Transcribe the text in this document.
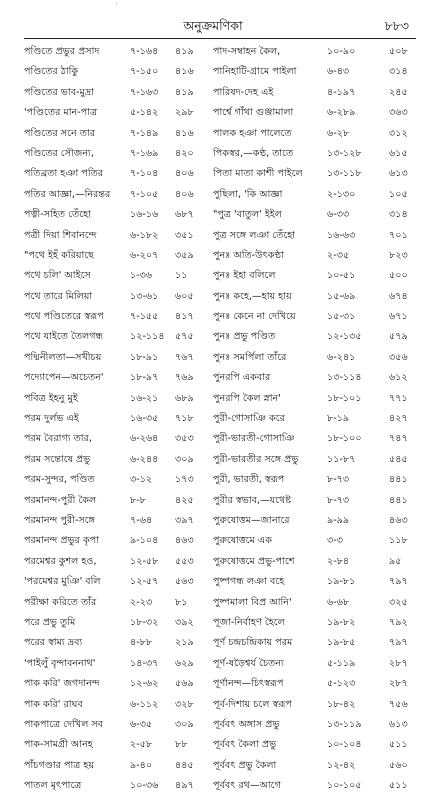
'
অনুক্রমণিকা	৮৮৩
পণ্ডিতে প্রভুর প্রসাদ	৭-১৬৪	৪১৯
পণ্ডিতের ঠাকুি	৭-১৫০	৪১৬
পণ্ডিতের ভাব-মুদ্রা	৭-১৬৩	৪১৯
'পণ্ডিতের মান-পাত্র	৫-১৪২	২৯৮
পণ্ডিতের সনে তার	৭-১৪৯	৪১৬
পণ্ডিতের সৌজন্য,	৭-১৬৯	৪২০
পতিব্রতা হঞা পতির	৭-১০৪	৪০৬
পতির আজ্ঞা,—নিরন্তর	৭-১০৫	৪০৬
পত্নী-সহিত তেঁহো	১৬-১৬	৬৮৭
পত্রী দিয়া শিবানন্দে	৬-১৮২	৩৫১
"পথে ইহঁ করিয়াছে	৬-২০৭	৩৫৯
পথে চলি' আইসে	১-৩৬	১১
পথে তারে মিলিয়া	১৩-৬১	৬০৫
পথে পণ্ডিতেরে স্বরূপ	৭-১৫৫	৪১৭
পথে যাইতে তৈলগন্ধ	১২-১১৪	৫৭৫
পদ্মিনীলতা—সখীচয়	১৮-৯১	৭৬৭
পদ্যোপেন—অচেতন'	১৮-৯৭	৭৬৯
পবিত্র ইহনু মুই	১৬-২১	৬৮৯
পরম দুর্লভ এই	১৬-৩৫	৭১৮
পরম বৈরাগ্য তার,	৬-২৬৪	৩৫৩
পরম সন্তোষে প্রভু	৬-২৪৪	৩০৯
পরম-সুন্দর, পণ্ডিত	৩-১২	১৭৩
পরমানন্দ-পুরী কৈল	৮-৮	৪২৫
পরমানন্দ পুরী-সঙ্গে	৭-৬৪	৩৯৭
পরমানন্দ প্রভুর কৃপা	৯-১০৪	৪৬৩
পরমেশ্বর কুশল হও,	১২-৫৮	৫৫৩
'পরমেশ্বর মুঞি' বলি	১২-৫৭	৫৬৩
পরীক্ষা করিতে তাঁর	২-২৩	৮১
পরে প্রভু তুমি	১৮-৩২	৩৯২
পরের স্বাম্য দ্রব্য	৪-৮৮	২১৯
'পাইলুঁ বৃন্দাবননাথ'	১৪-৩৭	৬২৯
পাক করি' জগদানন্দ	১২-৬২	৫৬৯
পাক করি' রাঘব	৬-১১২	৩২৮
পাকপাত্রে দেখিল সব	৬-৩৫	৩০৯
পাক-সামগ্রী আনহ	২-৫৮	৮৮
পাঁচগণ্ডার পাত্র হয়	৯-৪০	৪৪৫
পাতল মৃৎপাত্রে	১০-৩৬	৪৯৭
পাদ-সম্বাহন কৈল,	১০-৯০	৫০৮
পানিহাটি-গ্রামে পাইলা	৬-৪৩	৩১৪
পারিষদ-দেহ এই	৪-১৯৭	২৪৫
পার্শ্বে গাঁথা গুঞ্জামালা	৬-২৮৯	৩৬৩
পালক হঞা পালেতে	৬-২৮	৩১২
পিকস্বর,—কণ্ঠ, তাতে	১৩-১২৮	৬১৫
পিতা মাতা কাশী পাইলে	১৩-১১৮	৬১৩
পুছিলা, 'কি আজ্ঞা	২-১৩০	১০৫
"পুত্র 'বাতুল' ইইল	৬-৩৩	৩১৪
পুত্র সঙ্গে লঞা তেঁহো	১৬-৬৩	৭০১
পুনঃ অতি-উৎকণ্ঠা	২-৩৫	৮২৩
পুনঃ ইহা বলিলে	১০-৫১	৫০০
পুনঃ কহে,—হায় হায়	১৫-৬৯	৬৭৪
পুনঃ কেনে না দেখিয়ে	১৫-৩১	৬৭১
পুনঃ প্রভু পণ্ডিত	১২-১৩৫	৫৭৯
পুনঃ সমর্পিলা তাঁরে	৬-২৪১	৩৫৬
পুনরপি একবার	১৩-১১৪	৬১২
পুনরপি কৈল স্নান'	১৮-১০১	৭৭১
পুরী-গোসাঞি করে	৮-১৯	৪২৭
পুরী-ভারতী-গোসাঞি	১৮-১০০	৭৪৭
পুরী-ভারতীর সঙ্গে প্রভু	১১-৮৭	৫৪৫
পুরী, ভারতী, স্বরূপ	৮-৭৩	৪৪১
পুরীর স্বভাব,—যথেষ্ট	৮-৭৩	৪৪১
পুরুষোত্তম—জানারে	৯-৯৯	৪৬৩
পুরুষোত্তমে এক	৩-৩	১১৮
পুরুষোত্তমে প্রভু-পাশে	২-৮৪	৯৫
পুষ্পগন্ধ লঞা বহে	১৯-৮১	৭৯৭
পুষ্পমালা বিপ্র আনি'	৬-৬৮	৩২৫
পূজা-নির্বাহণ হৈলে	১৯-৮২	৭৯২
পূর্ণ চন্দ্রচন্দ্রিকায় পরম	১৯-৮৫	৭৯৭
পূর্ণ-ষড়ৈশ্বর্য চৈতন্য	৫-১১৯	২৮৭
পূর্ণানন্দ—চিৎস্বরূপ	৫-১২৩	২৮৭
পূর্ব-দিশায় চলে স্বরূপ	১৮-৪২	৭৫৬
পূর্ববৎ অঙ্গাস প্রভু	১৩-১১৯	৬১৩
পূর্ববৎ কৈলা প্রভু	১০-১০৪	৫১১
পূর্ববৎ প্রভু কৈলা	১২-৪২	৫৬০
পূর্ববৎ রথ—আগে	১০-১০৫	৫১১
